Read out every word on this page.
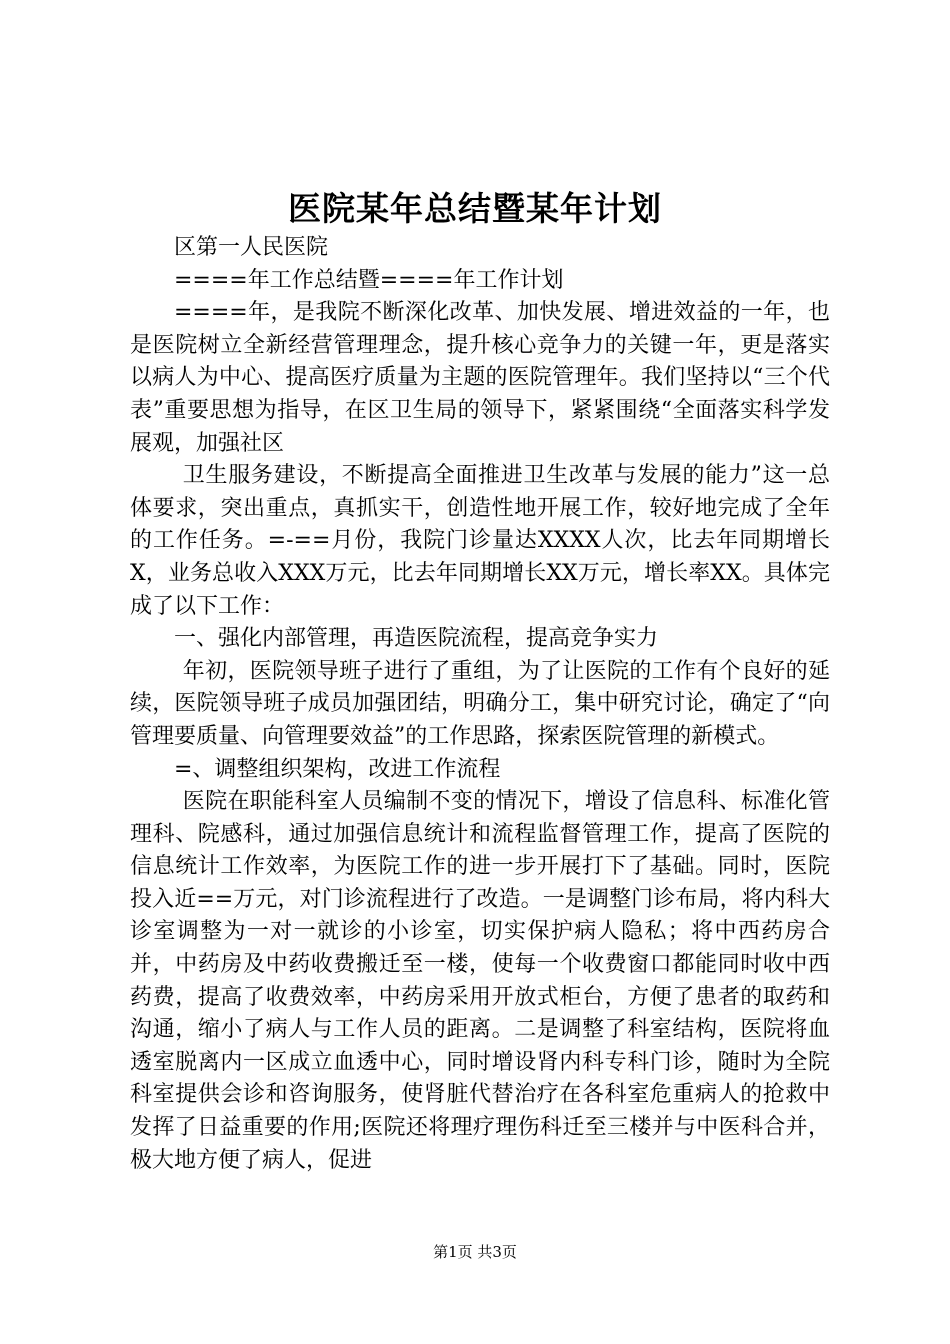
医院某年总结暨某年计划

区第一人民医院

====年工作总结暨====年工作计划

====年，是我院不断深化改革、加快发展、增进效益的一年，也是医院树立全新经营管理理念，提升核心竞争力的关键一年，更是落实以病人为中心、提高医疗质量为主题的医院管理年。我们坚持以“三个代表”重要思想为指导，在区卫生局的领导下，紧紧围绕“全面落实科学发展观，加强社区

卫生服务建设，不断提高全面推进卫生改革与发展的能力”这一总体要求，突出重点，真抓实干，创造性地开展工作，较好地完成了全年的工作任务。=-==月份，我院门诊量达XXXX人次，比去年同期增长X，业务总收入XXX万元，比去年同期增长XX万元，增长率XX。具体完成了以下工作：

一、强化内部管理，再造医院流程，提高竞争实力

年初，医院领导班子进行了重组，为了让医院的工作有个良好的延续，医院领导班子成员加强团结，明确分工，集中研究讨论，确定了“向管理要质量、向管理要效益”的工作思路，探索医院管理的新模式。

=、调整组织架构，改进工作流程

医院在职能科室人员编制不变的情况下，增设了信息科、标准化管理科、院感科，通过加强信息统计和流程监督管理工作，提高了医院的信息统计工作效率，为医院工作的进一步开展打下了基础。同时，医院投入近==万元，对门诊流程进行了改造。一是调整门诊布局，将内科大诊室调整为一对一就诊的小诊室，切实保护病人隐私；将中西药房合并，中药房及中药收费搬迁至一楼，使每一个收费窗口都能同时收中西药费，提高了收费效率，中药房采用开放式柜台，方便了患者的取药和沟通，缩小了病人与工作人员的距离。二是调整了科室结构，医院将血透室脱离内一区成立血透中心，同时增设肾内科专科门诊，随时为全院科室提供会诊和咨询服务，使肾脏代替治疗在各科室危重病人的抢救中发挥了日益重要的作用;医院还将理疗理伤科迁至三楼并与中医科合并，极大地方便了病人，促进

第1页 共3页
